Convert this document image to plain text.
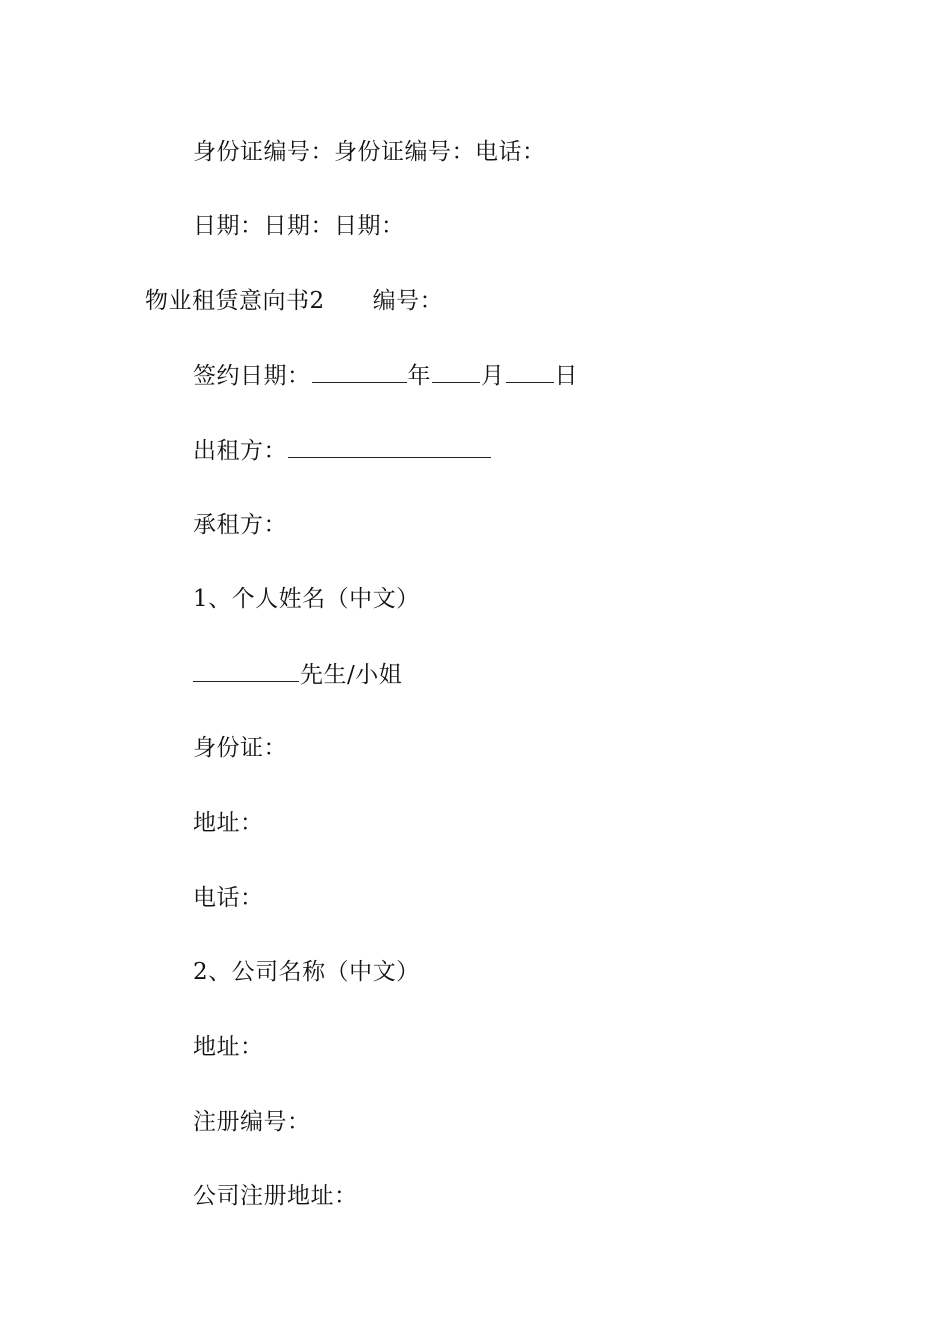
身份证编号：身份证编号：电话：
日期：日期：日期：
物业租赁意向书2 编号：
签约日期：	年 月 日
出租方：
承租方：
1、个人姓名（中文）
先生/小姐
身份证：
地址：
电话：
2、公司名称（中文）
地址：
注册编号：
公司注册地址：
